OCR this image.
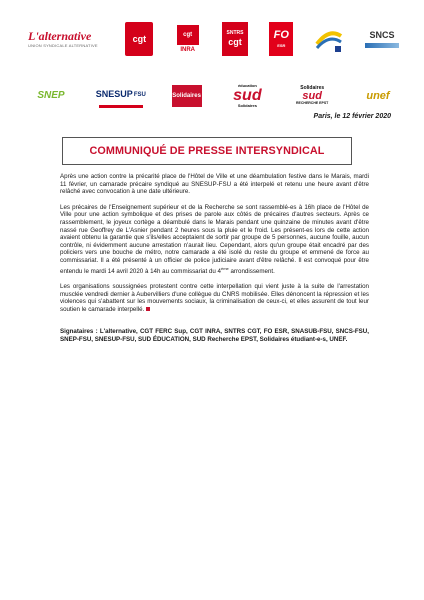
L'alternative
UNION SYNDICALE ALTERNATIVE
cgt	cgt
INRA
SNTRS
cgt
FO
ESR
SNCS
SNEP	SNESUP FSU	Solidaires
éducation
sud
Solidaires
Solidaires
sud
RECHERCHE EPST
unef
Paris, le 12 février 2020
COMMUNIQUÉ DE PRESSE INTERSYNDICAL

Après une action contre la précarité place de l'Hôtel de Ville et une déambulation festive dans le Marais, mardi 11 février, un camarade précaire syndiqué au SNESUP-FSU a été interpelé et retenu une heure avant d'être relâché avec convocation à une date ultérieure.

Les précaires de l'Enseignement supérieur et de la Recherche se sont rassemblé-es à 16h place de l'Hôtel de Ville pour une action symbolique et des prises de parole aux côtés de précaires d'autres secteurs. Après ce rassemblement, le joyeux cortège a déambulé dans le Marais pendant une quinzaine de minutes avant d'être nassé rue Geoffrey de L'Asnier pendant 2 heures sous la pluie et le froid. Les présent-es lors de cette action avaient obtenu la garantie que s'ils/elles acceptaient de sortir par groupe de 5 personnes, aucune fouille, aucun contrôle, ni évidemment aucune arrestation n'aurait lieu. Cependant, alors qu'un groupe était encadré par des policiers vers une bouche de métro, notre camarade a été isolé du reste du groupe et emmené de force au commissariat. Il a été présenté à un officier de police judiciaire avant d'être relâché. Il est convoqué pour être entendu le mardi 14 avril 2020 à 14h au commissariat du 4ème arrondissement.

Les organisations soussignées protestent contre cette interpellation qui vient juste à la suite de l'arrestation musclée vendredi dernier à Aubervilliers d'une collègue du CNRS mobilisée. Elles dénoncent la répression et les violences qui s'abattent sur les mouvements sociaux, la criminalisation de ceux-ci, et elles assurent de tout leur soutien le camarade interpellé.

Signataires : L'alternative, CGT FERC Sup, CGT INRA, SNTRS CGT, FO ESR, SNASUB-FSU, SNCS-FSU, SNEP-FSU, SNESUP-FSU, SUD ÉDUCATION, SUD Recherche EPST, Solidaires étudiant-e-s, UNEF.
